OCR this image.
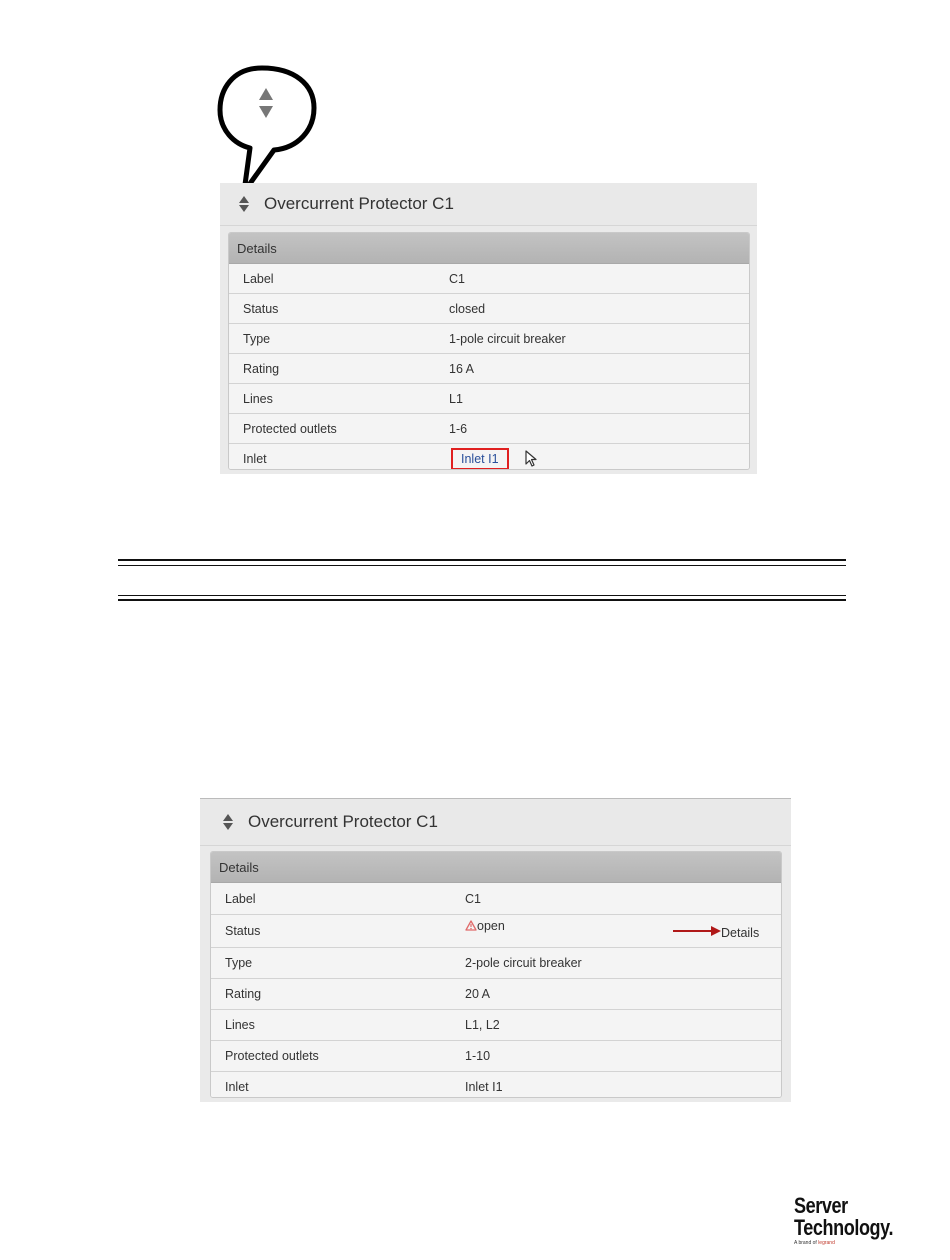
Overcurrent Protector C1
Details
Label	C1
Status	closed
Type	1-pole circuit breaker
Rating	16 A
Lines	L1
Protected outlets	1-6
Inlet	Inlet I1
Overcurrent Protector C1
Details
Label	C1
Status	open	Details
Type	2-pole circuit breaker
Rating	20 A
Lines	L1, L2
Protected outlets	1-10
Inlet	Inlet I1
Server
Technology.
A brand of legrand
